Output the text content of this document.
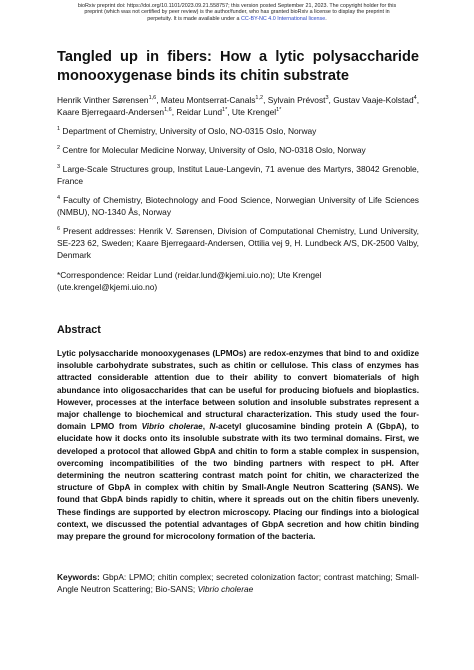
bioRxiv preprint doi: https://doi.org/10.1101/2023.09.21.558757; this version posted September 21, 2023. The copyright holder for this
preprint (which was not certified by peer review) is the author/funder, who has granted bioRxiv a license to display the preprint in
perpetuity. It is made available under a CC-BY-NC 4.0 International license.
Tangled up in fibers: How a lytic polysaccharide monooxygenase binds its chitin substrate
Henrik Vinther Sørensen$^{1,6}$, Mateu Montserrat-Canals$^{1,2}$, Sylvain Prévost$^3$, Gustav Vaaje-Kolstad$^4$, Kaare Bjerregaard-Andersen$^{1,6}$, Reidar Lund$^{1*}$, Ute Krengel$^{1*}$
$^1$ Department of Chemistry, University of Oslo, NO-0315 Oslo, Norway
$^2$ Centre for Molecular Medicine Norway, University of Oslo, NO-0318 Oslo, Norway
$^3$ Large-Scale Structures group, Institut Laue-Langevin, 71 avenue des Martyrs, 38042 Grenoble, France
$^4$ Faculty of Chemistry, Biotechnology and Food Science, Norwegian University of Life Sciences (NMBU), NO-1340 Ås, Norway
$^6$ Present addresses: Henrik V. Sørensen, Division of Computational Chemistry, Lund University, SE-223 62, Sweden; Kaare Bjerregaard-Andersen, Ottilia vej 9, H. Lundbeck A/S, DK-2500 Valby, Denmark
*Correspondence: Reidar Lund (reidar.lund@kjemi.uio.no); Ute Krengel
(ute.krengel@kjemi.uio.no)
Abstract
Lytic polysaccharide monooxygenases (LPMOs) are redox-enzymes that bind to and oxidize insoluble carbohydrate substrates, such as chitin or cellulose. This class of enzymes has attracted considerable attention due to their ability to convert biomaterials of high abundance into oligosaccharides that can be useful for producing biofuels and bioplastics. However, processes at the interface between solution and insoluble substrates represent a major challenge to biochemical and structural characterization. This study used the four-domain LPMO from Vibrio cholerae, N-acetyl glucosamine binding protein A (GbpA), to elucidate how it docks onto its insoluble substrate with its two terminal domains. First, we developed a protocol that allowed GbpA and chitin to form a stable complex in suspension, overcoming incompatibilities of the two binding partners with respect to pH. After determining the neutron scattering contrast match point for chitin, we characterized the structure of GbpA in complex with chitin by Small-Angle Neutron Scattering (SANS). We found that GbpA binds rapidly to chitin, where it spreads out on the chitin fibers unevenly. These findings are supported by electron microscopy. Placing our findings into a biological context, we discussed the potential advantages of GbpA secretion and how chitin binding may prepare the ground for microcolony formation of the bacteria.
Keywords: GbpA: LPMO; chitin complex; secreted colonization factor; contrast matching; Small-Angle Neutron Scattering; Bio-SANS; Vibrio cholerae
